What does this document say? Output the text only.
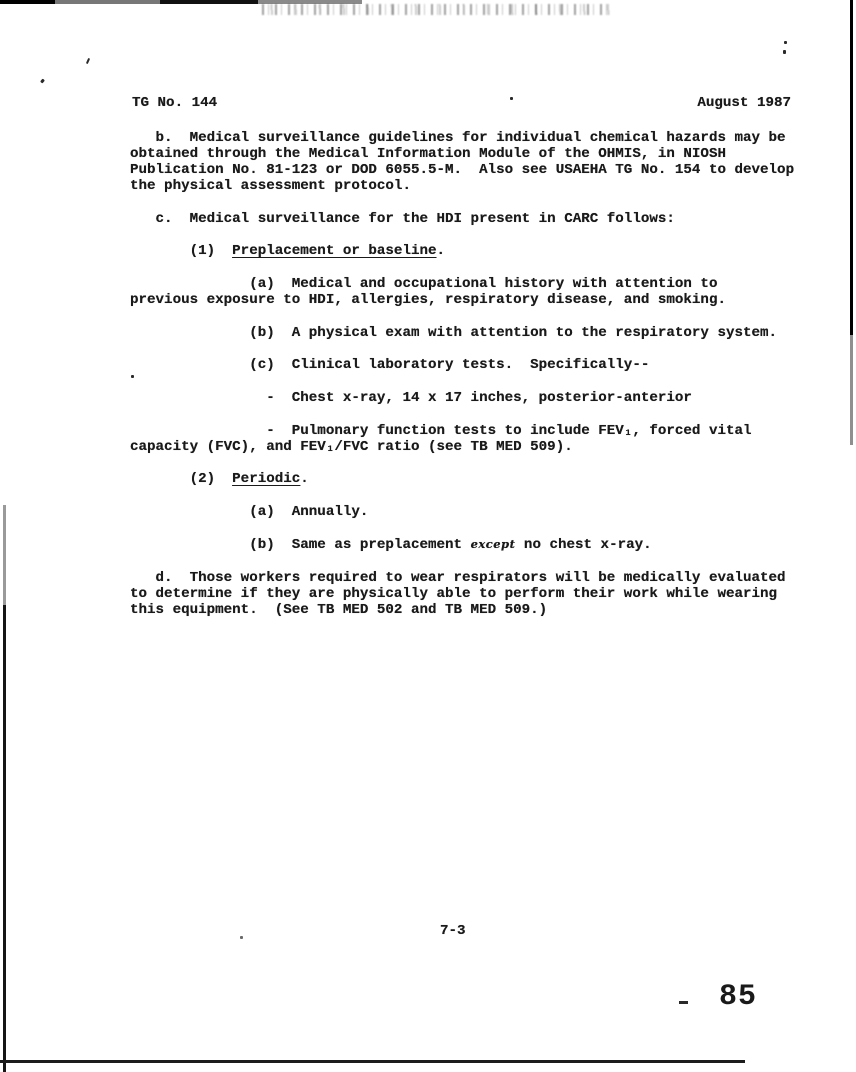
TG No. 144	August 1987
b.  Medical surveillance guidelines for individual chemical hazards may be
obtained through the Medical Information Module of the OHMIS, in NIOSH
Publication No. 81-123 or DOD 6055.5-M.  Also see USAEHA TG No. 154 to develop
the physical assessment protocol.
c.  Medical surveillance for the HDI present in CARC follows:
(1)  Preplacement or baseline.
(a)  Medical and occupational history with attention to
previous exposure to HDI, allergies, respiratory disease, and smoking.
(b)  A physical exam with attention to the respiratory system.
(c)  Clinical laboratory tests.  Specifically--
-  Chest x-ray, 14 x 17 inches, posterior-anterior
-  Pulmonary function tests to include FEV₁, forced vital
capacity (FVC), and FEV₁/FVC ratio (see TB MED 509).
(2)  Periodic.
(a)  Annually.
(b)  Same as preplacement except no chest x-ray.
d.  Those workers required to wear respirators will be medically evaluated
to determine if they are physically able to perform their work while wearing
this equipment.  (See TB MED 502 and TB MED 509.)
7-3
85
